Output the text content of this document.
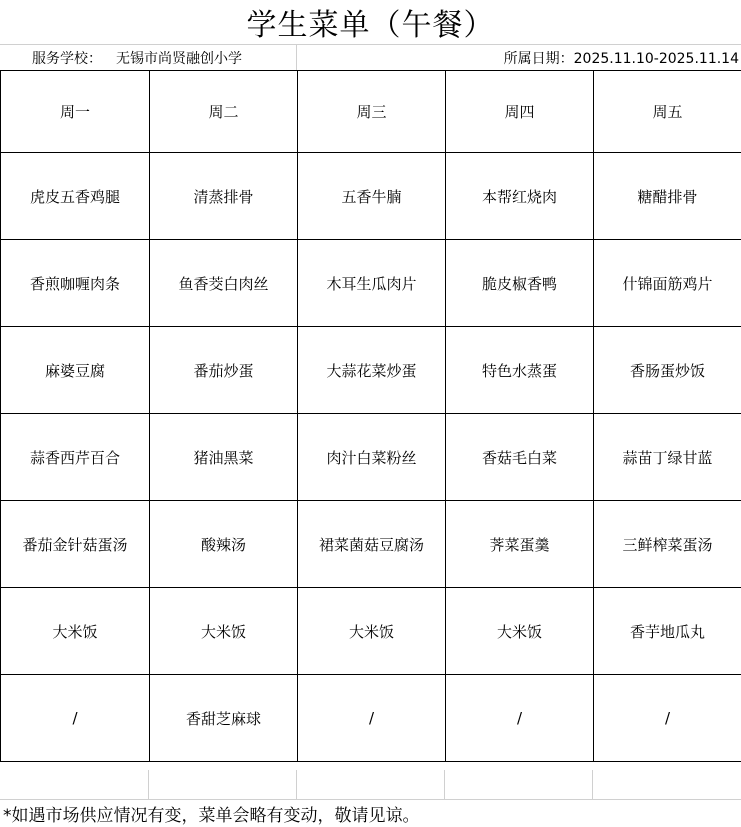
学生菜单（午餐）
服务学校： 无锡市尚贤融创小学	所属日期：2025.11.10-2025.11.14
周一	周二	周三	周四	周五
虎皮五香鸡腿	清蒸排骨	五香牛腩	本帮红烧肉	糖醋排骨
香煎咖喱肉条	鱼香茭白肉丝	木耳生瓜肉片	脆皮椒香鸭	什锦面筋鸡片
麻婆豆腐	番茄炒蛋	大蒜花菜炒蛋	特色水蒸蛋	香肠蛋炒饭
蒜香西芹百合	猪油黑菜	肉汁白菜粉丝	香菇毛白菜	蒜苗丁绿甘蓝
番茄金针菇蛋汤	酸辣汤	裙菜菌菇豆腐汤	荠菜蛋羹	三鲜榨菜蛋汤
大米饭	大米饭	大米饭	大米饭	香芋地瓜丸
/	香甜芝麻球	/	/	/
*如遇市场供应情况有变，菜单会略有变动，敬请见谅。
